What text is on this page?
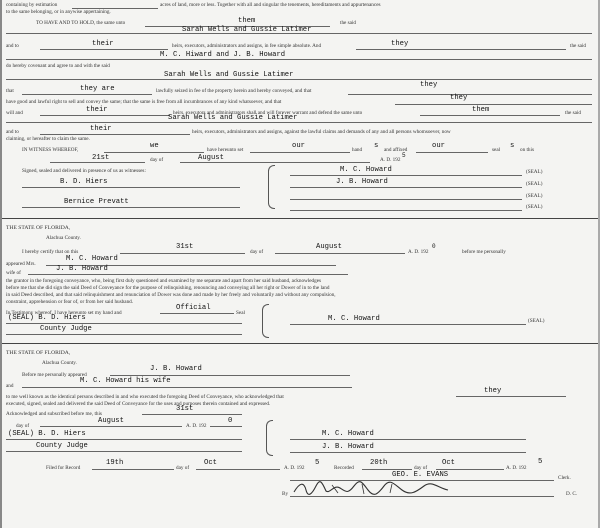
containing by estimation	acres of land, more or less. Together with all and singular the tenements, hereditaments and appurtenances
to the same belonging, or in anywise appertaining.
TO HAVE AND TO HOLD, the same unto	them	the said
Sarah Wells and Gussie Latimer
and to	their	heirs, executors, administrators and assigns, in fee simple absolute. And	they	the said
M. C. Hiward and J. B. Howard
do hereby covenant and agree to and with the said
Sarah Wells and Gussie Latimer
that	they are	lawfully seized in fee of the property herein and hereby conveyed, and that
they
have good and lawful right to sell and convey the same; that the same is free from all incumbrances of any kind whatsoever, and that	they
will and	their	heirs, executors and administrators shall and will forever warrant and defend the same unto	them	the said
Sarah Wells and Gussie Latimer
and to	their	heirs, executors, administrators and assigns, against the lawful claims and demands of any and all persons whomsoever, now
claiming, or hereafter to claim the same.
IN WITNESS WHEREOF,	we	have hereunto set	our	hand s and affixed	our	seal s on this
21st	day of	August	A. D. 192
5
Signed, sealed and delivered in presence of us as witnesses:
B. D. Hiers
Bernice Prevatt
M. C. Howard	(SEAL)
J. B. Howard	(SEAL)
(SEAL)
(SEAL)
THE STATE OF FLORIDA,
Alachua County.
I hereby certify that on this
31st
day of
August
A. D. 192
0
before me personally
appeared Mrs.
M. C. Howard
wife of	J. B. Howard
the grantor in the foregoing conveyance, who, being first duly questioned and examined by me separate and apart from her said husband, acknowledges
before me that she did sign the said Deed of Conveyance for the purpose of relinquishing, renouncing and conveying all her right or Dower of in to the land
in said Deed described, and that said relinquishment and renunciation of Dower was done and made by her freely and voluntarily and without any compulsion,
constraint, apprehension or fear of, or from her said husband.
In Testimony whereof, I have hereunto set my hand and
Official
Seal
(SEAL) B. D. Hiers
County Judge
M. C. Howard	(SEAL)
THE STATE OF FLORIDA,
Alachua County.
Before me personally appeared
J. B. Howard
and
M. C. Howard his wife
to me well known as the identical persons described in and who executed the foregoing Deed of Conveyance, who acknowledged that
they
executed, signed, sealed and delivered the said Deed of Conveyance for the uses and purposes therein contained and expressed.
Acknowledged and subscribed before me, this
31st
day of
August
A. D. 192
0
(SEAL) B. D. Hiers
County Judge
M. C. Howard
J. B. Howard
Filed for Record
19th
day of
Oct
A. D. 192
5
Recorded
20th
day of
Oct
A. D. 192
5
GEO. E. EVANS	Clerk.
By	D. C.
